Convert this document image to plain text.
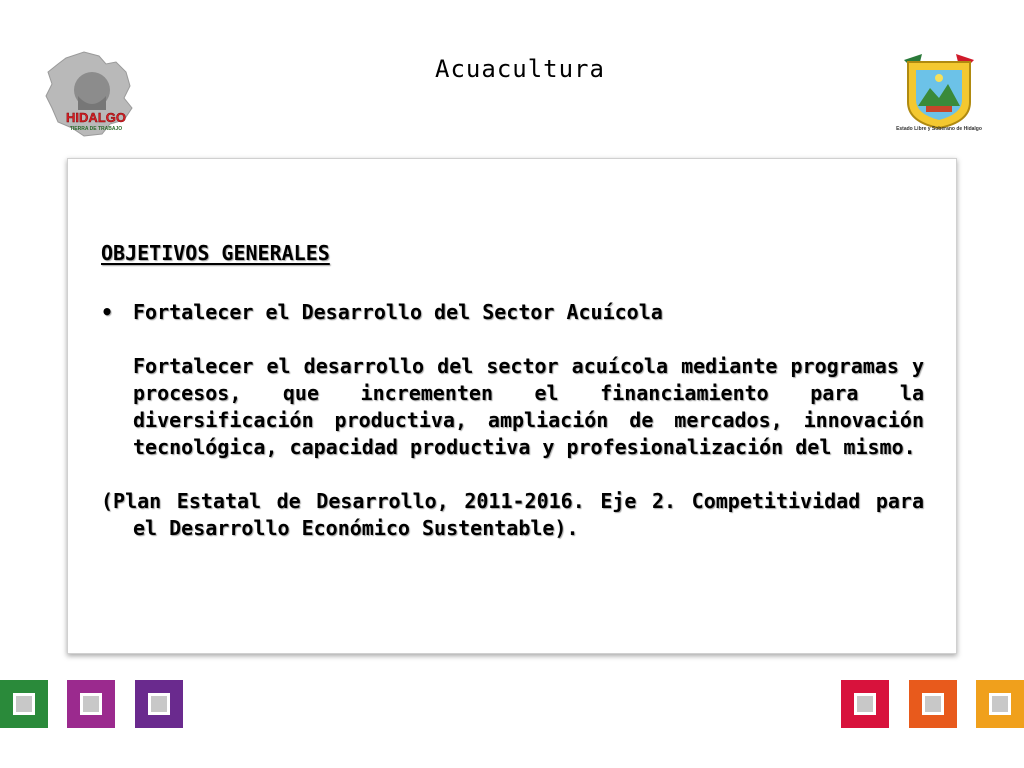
Acuacultura
HIDALGO
TIERRA DE TRABAJO	Estado Libre y Soberano de Hidalgo
OBJETIVOS GENERALES
• Fortalecer el Desarrollo del Sector Acuícola
Fortalecer el desarrollo del sector acuícola mediante programas y procesos, que incrementen el financiamiento para la diversificación productiva, ampliación de mercados, innovación tecnológica, capacidad productiva y profesionalización del mismo.
(Plan Estatal de Desarrollo, 2011-2016. Eje 2. Competitividad para el Desarrollo Económico Sustentable).
